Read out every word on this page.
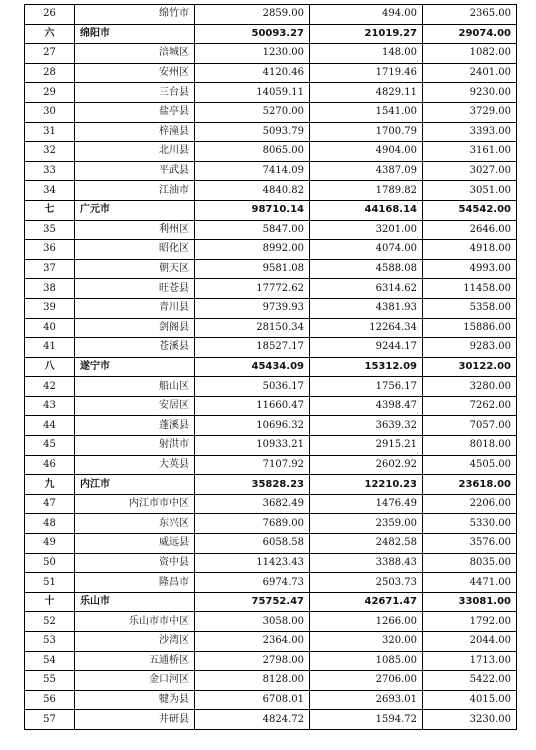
26	绵竹市	2859.00	494.00	2365.00
六	绵阳市	50093.27	21019.27	29074.00
27	涪城区	1230.00	148.00	1082.00
28	安州区	4120.46	1719.46	2401.00
29	三台县	14059.11	4829.11	9230.00
30	盐亭县	5270.00	1541.00	3729.00
31	梓潼县	5093.79	1700.79	3393.00
32	北川县	8065.00	4904.00	3161.00
33	平武县	7414.09	4387.09	3027.00
34	江油市	4840.82	1789.82	3051.00
七	广元市	98710.14	44168.14	54542.00
35	利州区	5847.00	3201.00	2646.00
36	昭化区	8992.00	4074.00	4918.00
37	朝天区	9581.08	4588.08	4993.00
38	旺苍县	17772.62	6314.62	11458.00
39	青川县	9739.93	4381.93	5358.00
40	剑阁县	28150.34	12264.34	15886.00
41	苍溪县	18527.17	9244.17	9283.00
八	遂宁市	45434.09	15312.09	30122.00
42	船山区	5036.17	1756.17	3280.00
43	安居区	11660.47	4398.47	7262.00
44	蓬溪县	10696.32	3639.32	7057.00
45	射洪市	10933.21	2915.21	8018.00
46	大英县	7107.92	2602.92	4505.00
九	内江市	35828.23	12210.23	23618.00
47	内江市市中区	3682.49	1476.49	2206.00
48	东兴区	7689.00	2359.00	5330.00
49	威远县	6058.58	2482.58	3576.00
50	资中县	11423.43	3388.43	8035.00
51	隆昌市	6974.73	2503.73	4471.00
十	乐山市	75752.47	42671.47	33081.00
52	乐山市市中区	3058.00	1266.00	1792.00
53	沙湾区	2364.00	320.00	2044.00
54	五通桥区	2798.00	1085.00	1713.00
55	金口河区	8128.00	2706.00	5422.00
56	犍为县	6708.01	2693.01	4015.00
57	井研县	4824.72	1594.72	3230.00
